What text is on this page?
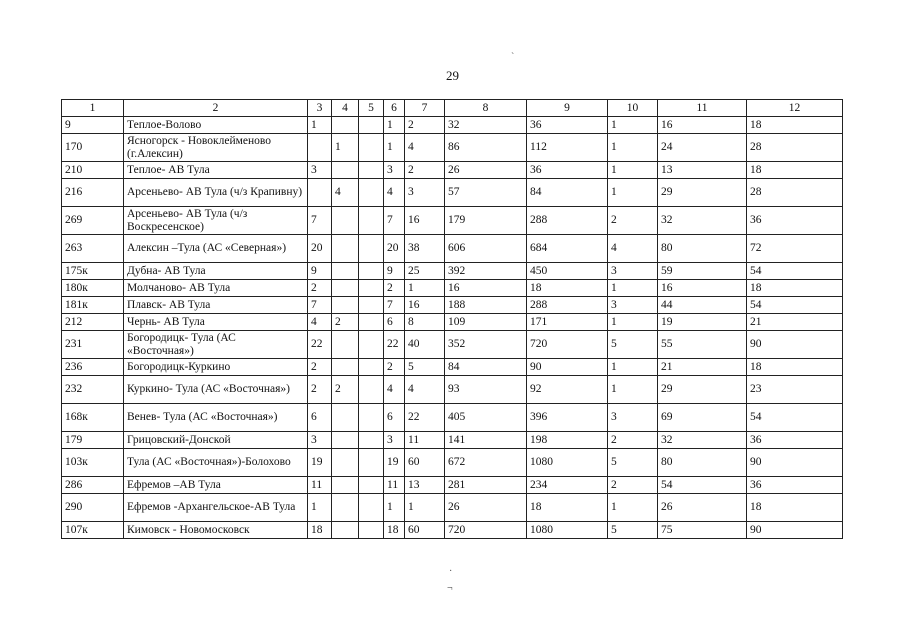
`
29
1	2	3	4	5	6	7	8	9	10	11	12
9	Теплое-Волово	1			1	2	32	36	1	16	18
170	Ясногорск - Новоклейменово (г.Алексин)		1		1	4	86	112	1	24	28
210	Теплое- АВ Тула	3			3	2	26	36	1	13	18
216	Арсеньево- АВ Тула (ч/з Крапивну)		4		4	3	57	84	1	29	28
269	Арсеньево- АВ Тула (ч/з Воскресенское)	7			7	16	179	288	2	32	36
263	Алексин –Тула (АС «Северная»)	20			20	38	606	684	4	80	72
175к	Дубна- АВ Тула	9			9	25	392	450	3	59	54
180к	Молчаново- АВ Тула	2			2	1	16	18	1	16	18
181к	Плавск- АВ Тула	7			7	16	188	288	3	44	54
212	Чернь- АВ Тула	4	2		6	8	109	171	1	19	21
231	Богородицк- Тула (АС «Восточная»)	22			22	40	352	720	5	55	90
236	Богородицк-Куркино	2			2	5	84	90	1	21	18
232	Куркино- Тула (АС «Восточная»)	2	2		4	4	93	92	1	29	23
168к	Венев- Тула (АС «Восточная»)	6			6	22	405	396	3	69	54
179	Грицовский-Донской	3			3	11	141	198	2	32	36
103к	Тула (АС «Восточная»)-Болохово	19			19	60	672	1080	5	80	90
286	Ефремов –АВ Тула	11			11	13	281	234	2	54	36
290	Ефремов -Архангельское-АВ Тула	1			1	1	26	18	1	26	18
107к	Кимовск - Новомосковск	18			18	60	720	1080	5	75	90
·
¬
